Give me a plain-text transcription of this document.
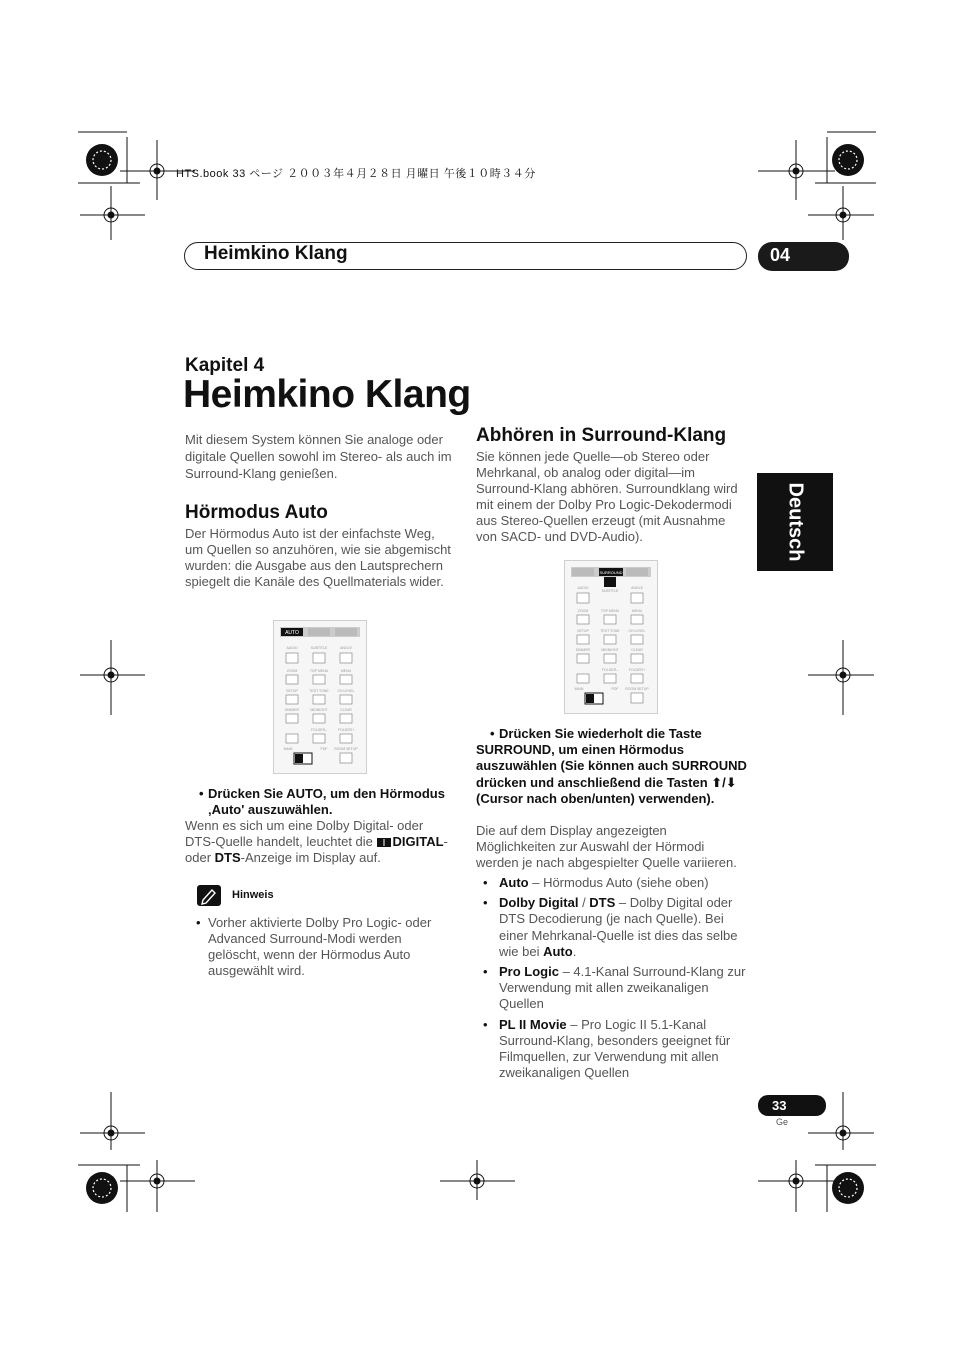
HTS.book 33 ページ ２００３年４月２８日 月曜日 午後１０時３４分
Heimkino Klang	04
Kapitel 4
Heimkino Klang
Deutsch
Mit diesem System können Sie analoge oder digitale Quellen sowohl im Stereo- als auch im Surround-Klang genießen.
Hörmodus Auto
Der Hörmodus Auto ist der einfachste Weg, um Quellen so anzuhören, wie sie abgemischt wurden: die Ausgabe aus den Lautsprechern spiegelt die Kanäle des Quellmaterials wider.
AUTO
AUDIO	SUBTITLE	ANGLE
ZOOM	TOP MENU	MENU
SETUP	TEST TONE	CH LEVEL
DIMMER	MIDNIGHT	CLEAR
FOLDER–	FOLDER+
MAIN	PDF ROOM SETUP
• Drücken Sie AUTO, um den Hörmodus ‚Auto' auszuwählen.
Wenn es sich um eine Dolby Digital- oder DTS-Quelle handelt, leuchtet die DIGITAL- oder DTS-Anzeige im Display auf.
Hinweis
• Vorher aktivierte Dolby Pro Logic- oder Advanced Surround-Modi werden gelöscht, wenn der Hörmodus Auto ausgewählt wird.
Abhören in Surround-Klang
Sie können jede Quelle—ob Stereo oder Mehrkanal, ob analog oder digital—im Surround-Klang abhören. Surroundklang wird mit einem der Dolby Pro Logic-Dekodermodi aus Stereo-Quellen erzeugt (mit Ausnahme von SACD- und DVD-Audio).
SURROUND
AUDIO
SUBTITLE
ANGLE
ZOOM	TOP MENU	MENU
SETUP	TEST TONE	CH LEVEL
DIMMER	MIDNIGHT	CLEAR
FOLDER–	FOLDER+
MAIN	PDF ROOM SETUP
• Drücken Sie wiederholt die Taste SURROUND, um einen Hörmodus auszuwählen (Sie können auch SURROUND drücken und anschließend die Tasten ⬆/⬇ (Cursor nach oben/unten) verwenden).
Die auf dem Display angezeigten Möglichkeiten zur Auswahl der Hörmodi werden je nach abgespielter Quelle variieren.
• Auto – Hörmodus Auto (siehe oben)
• Dolby Digital / DTS – Dolby Digital oder DTS Decodierung (je nach Quelle). Bei einer Mehrkanal-Quelle ist dies das selbe wie bei Auto.
• Pro Logic – 4.1-Kanal Surround-Klang zur Verwendung mit allen zweikanaligen Quellen
• PL II Movie – Pro Logic II 5.1-Kanal Surround-Klang, besonders geeignet für Filmquellen, zur Verwendung mit allen zweikanaligen Quellen
33
Ge
